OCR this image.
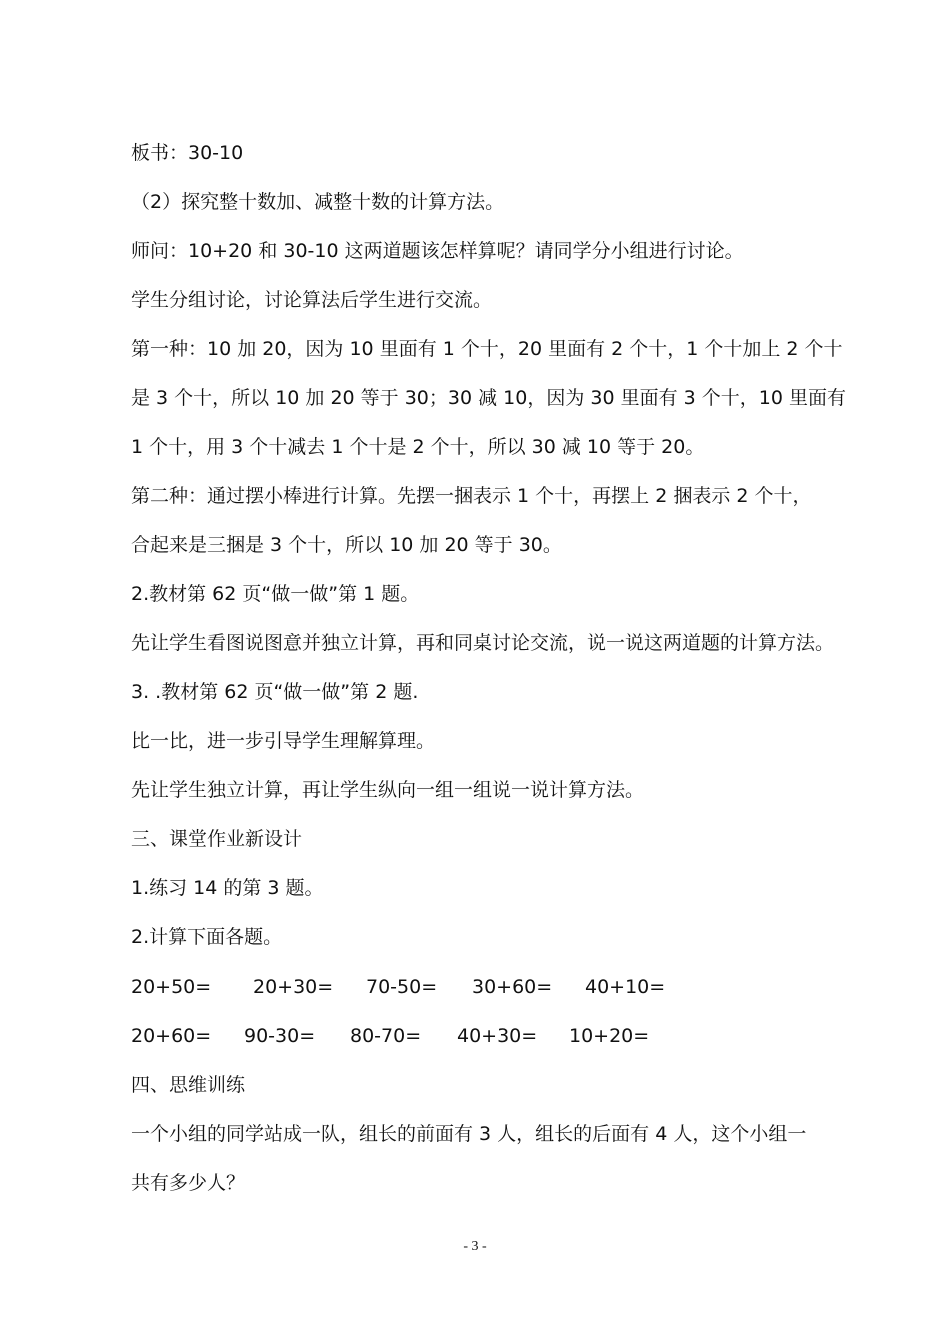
板书：30-10
（2）探究整十数加、减整十数的计算方法。
师问：10+20 和 30-10 这两道题该怎样算呢？请同学分小组进行讨论。
学生分组讨论，讨论算法后学生进行交流。
第一种：10 加 20，因为 10 里面有 1 个十，20 里面有 2 个十，1 个十加上 2 个十
是 3 个十，所以 10 加 20 等于 30；30 减 10，因为 30 里面有 3 个十，10 里面有
1 个十，用 3 个十减去 1 个十是 2 个十，所以 30 减 10 等于 20。
第二种：通过摆小棒进行计算。先摆一捆表示 1 个十，再摆上 2 捆表示 2 个十，
合起来是三捆是 3 个十，所以 10 加 20 等于 30。
2.教材第 62 页“做一做”第 1 题。
先让学生看图说图意并独立计算，再和同桌讨论交流，说一说这两道题的计算方法。
3. .教材第 62 页“做一做”第 2 题.
比一比，进一步引导学生理解算理。
先让学生独立计算，再让学生纵向一组一组说一说计算方法。
三、课堂作业新设计
1.练习 14 的第 3 题。
2.计算下面各题。
20+50= 20+30= 70-50= 30+60= 40+10=
20+60= 90-30= 80-70= 40+30= 10+20=
四、思维训练
一个小组的同学站成一队，组长的前面有 3 人，组长的后面有 4 人，这个小组一
共有多少人？
- 3 -
